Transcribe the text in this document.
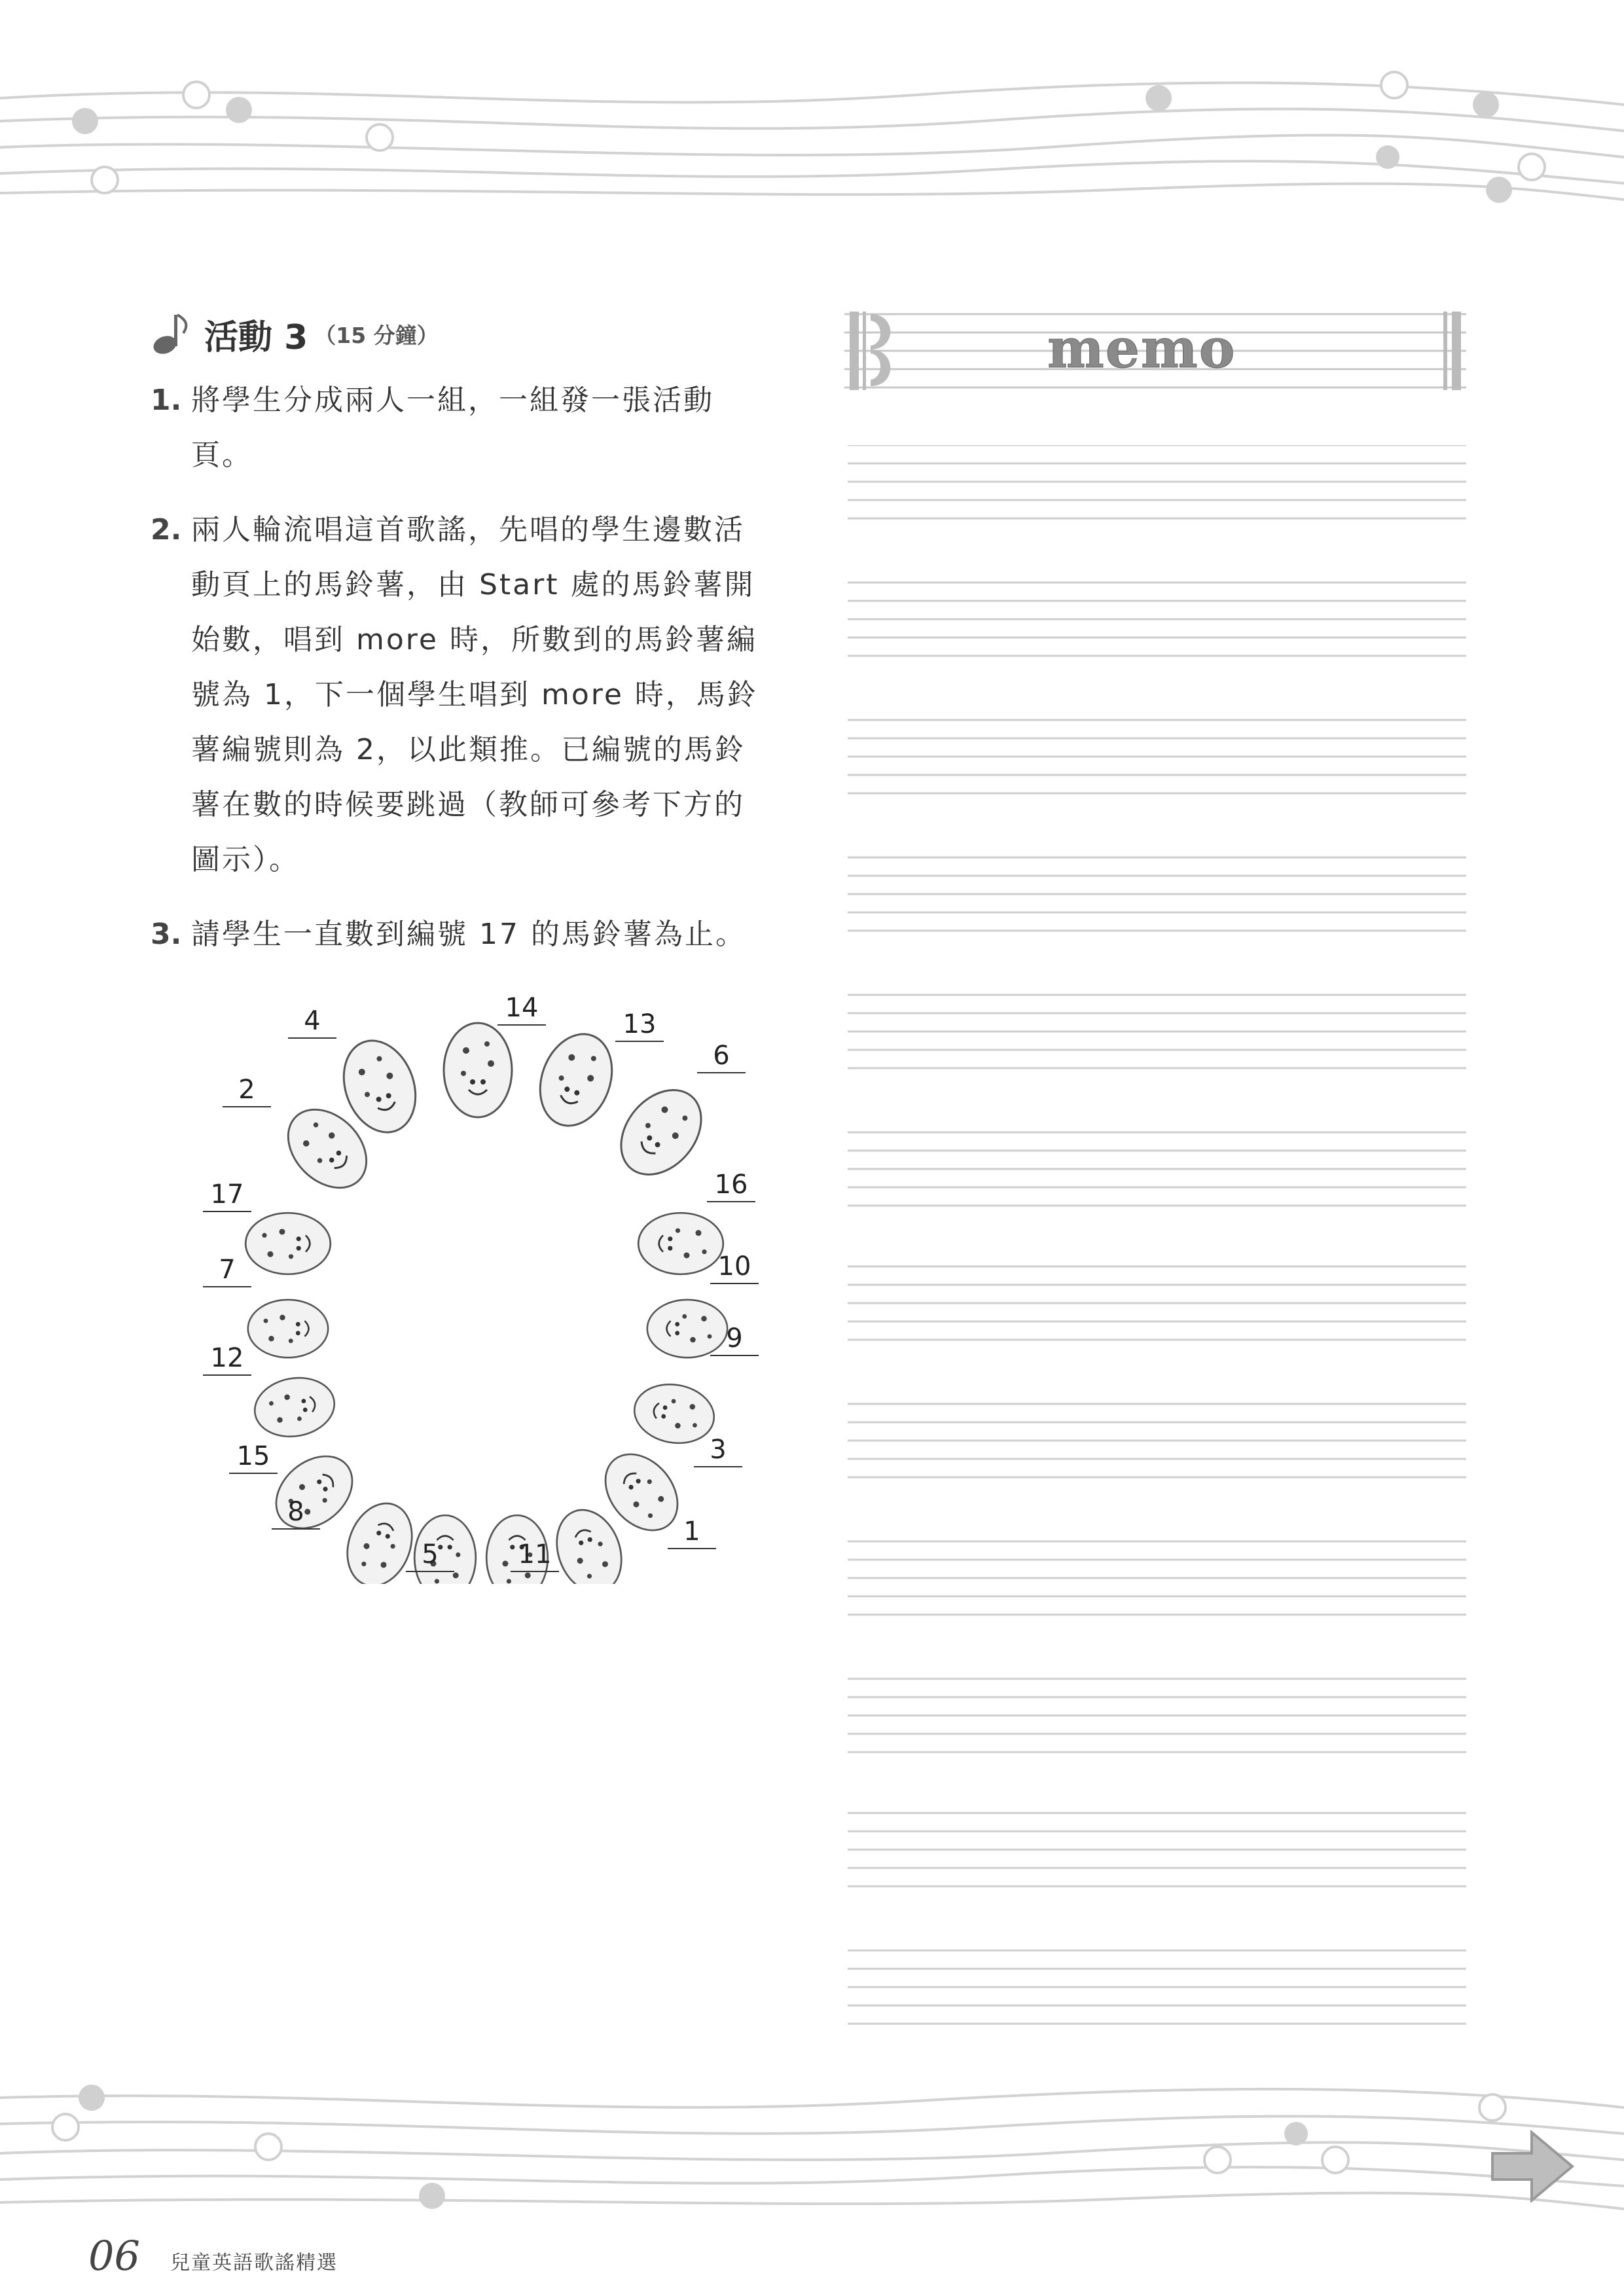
活動 3 （15 分鐘）
1. 將學生分成兩人一組，一組發一張活動頁。
2. 兩人輪流唱這首歌謠，先唱的學生邊數活動頁上的馬鈴薯，由 Start 處的馬鈴薯開始數，唱到 more 時，所數到的馬鈴薯編號為 1，下一個學生唱到 more 時，馬鈴薯編號則為 2，以此類推。已編號的馬鈴薯在數的時候要跳過（教師可參考下方的圖示）。
3. 請學生一直數到編號 17 的馬鈴薯為止。
4	14
13
6
2
17	16
7	10
9
12
3
15
8
1
5	11
memo
06 兒童英語歌謠精選
